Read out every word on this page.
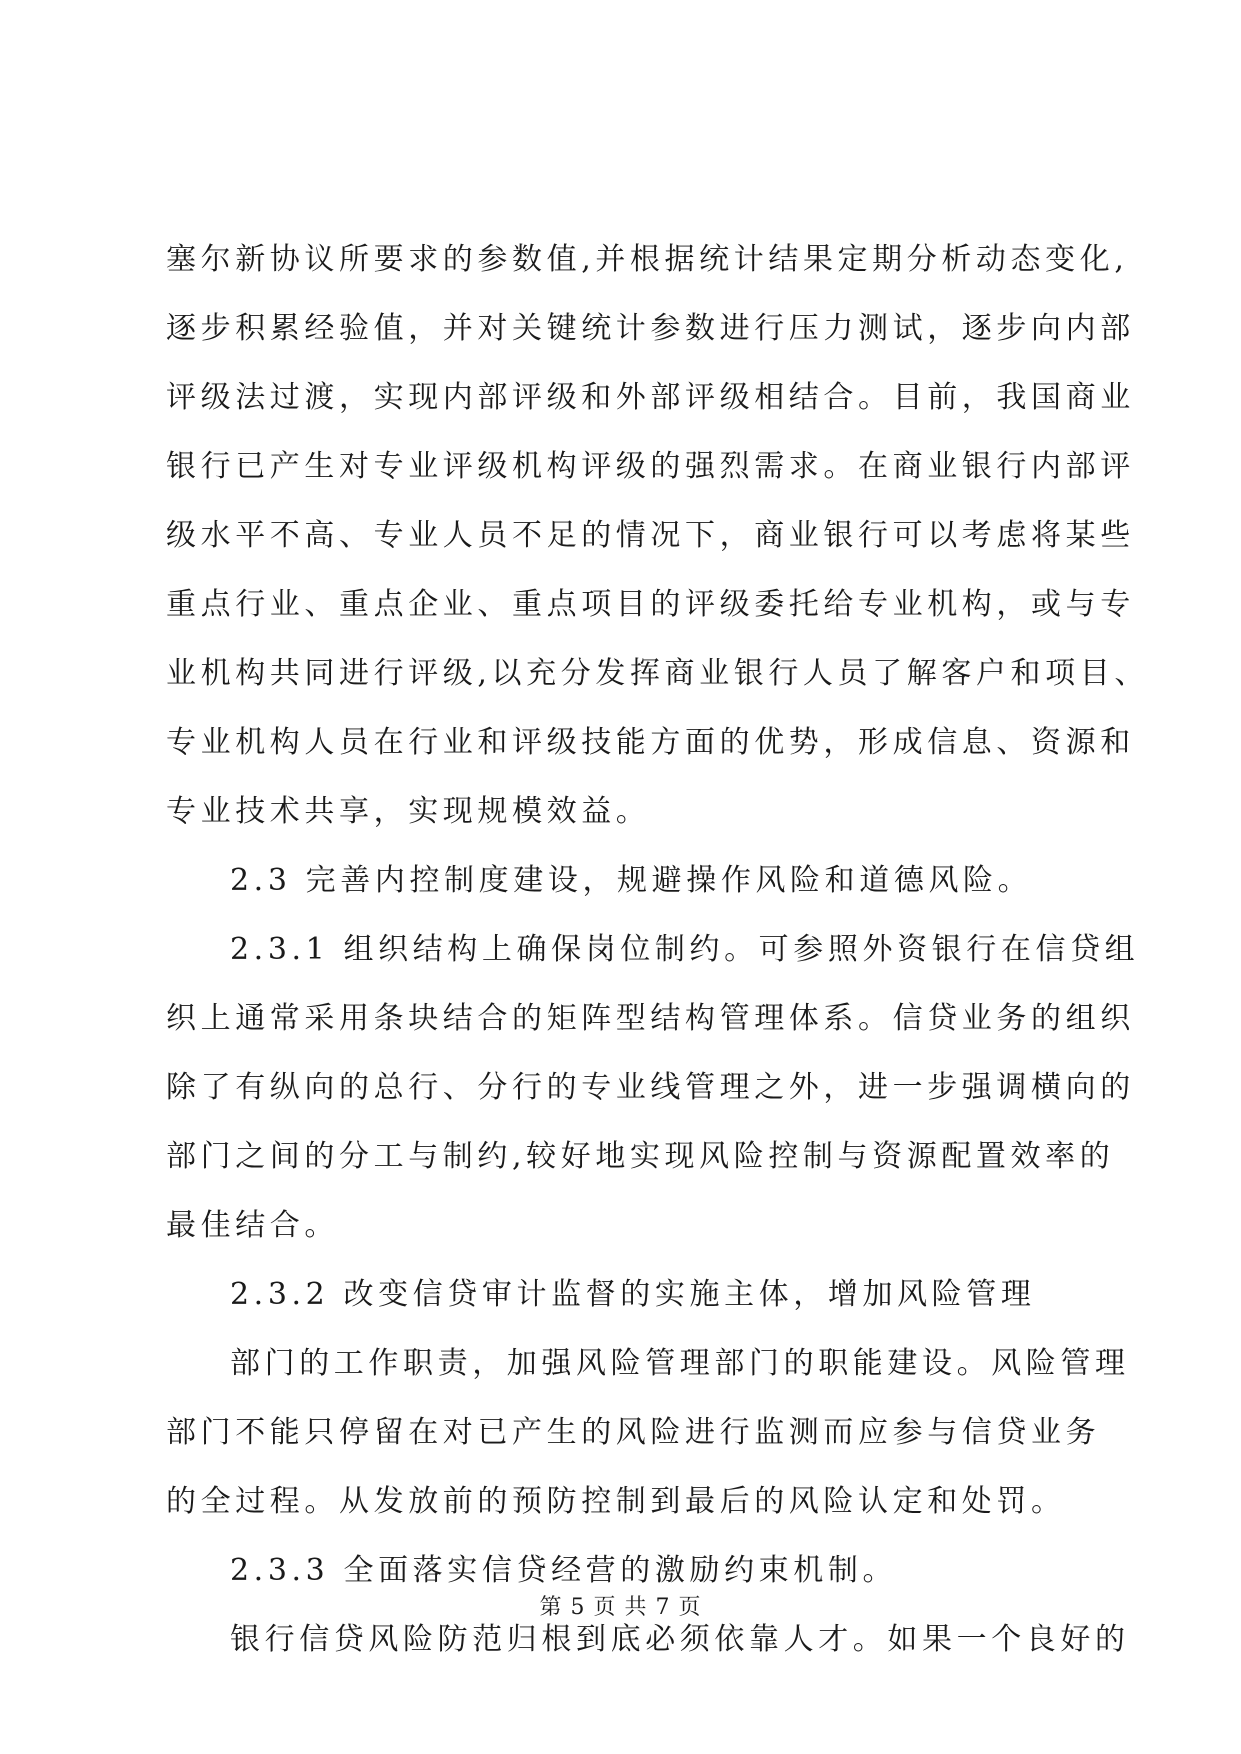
塞尔新协议所要求的参数值,并根据统计结果定期分析动态变化,
逐步积累经验值，并对关键统计参数进行压力测试，逐步向内部
评级法过渡，实现内部评级和外部评级相结合。目前，我国商业
银行已产生对专业评级机构评级的强烈需求。在商业银行内部评
级水平不高、专业人员不足的情况下，商业银行可以考虑将某些
重点行业、重点企业、重点项目的评级委托给专业机构，或与专
业机构共同进行评级,以充分发挥商业银行人员了解客户和项目、
专业机构人员在行业和评级技能方面的优势，形成信息、资源和
专业技术共享，实现规模效益。
2.3 完善内控制度建设，规避操作风险和道德风险。
2.3.1 组织结构上确保岗位制约。可参照外资银行在信贷组
织上通常采用条块结合的矩阵型结构管理体系。信贷业务的组织
除了有纵向的总行、分行的专业线管理之外，进一步强调横向的
部门之间的分工与制约,较好地实现风险控制与资源配置效率的
最佳结合。
2.3.2 改变信贷审计监督的实施主体，增加风险管理
部门的工作职责，加强风险管理部门的职能建设。风险管理
部门不能只停留在对已产生的风险进行监测而应参与信贷业务
的全过程。从发放前的预防控制到最后的风险认定和处罚。
2.3.3 全面落实信贷经营的激励约束机制。
银行信贷风险防范归根到底必须依靠人才。如果一个良好的
第 5 页 共 7 页
